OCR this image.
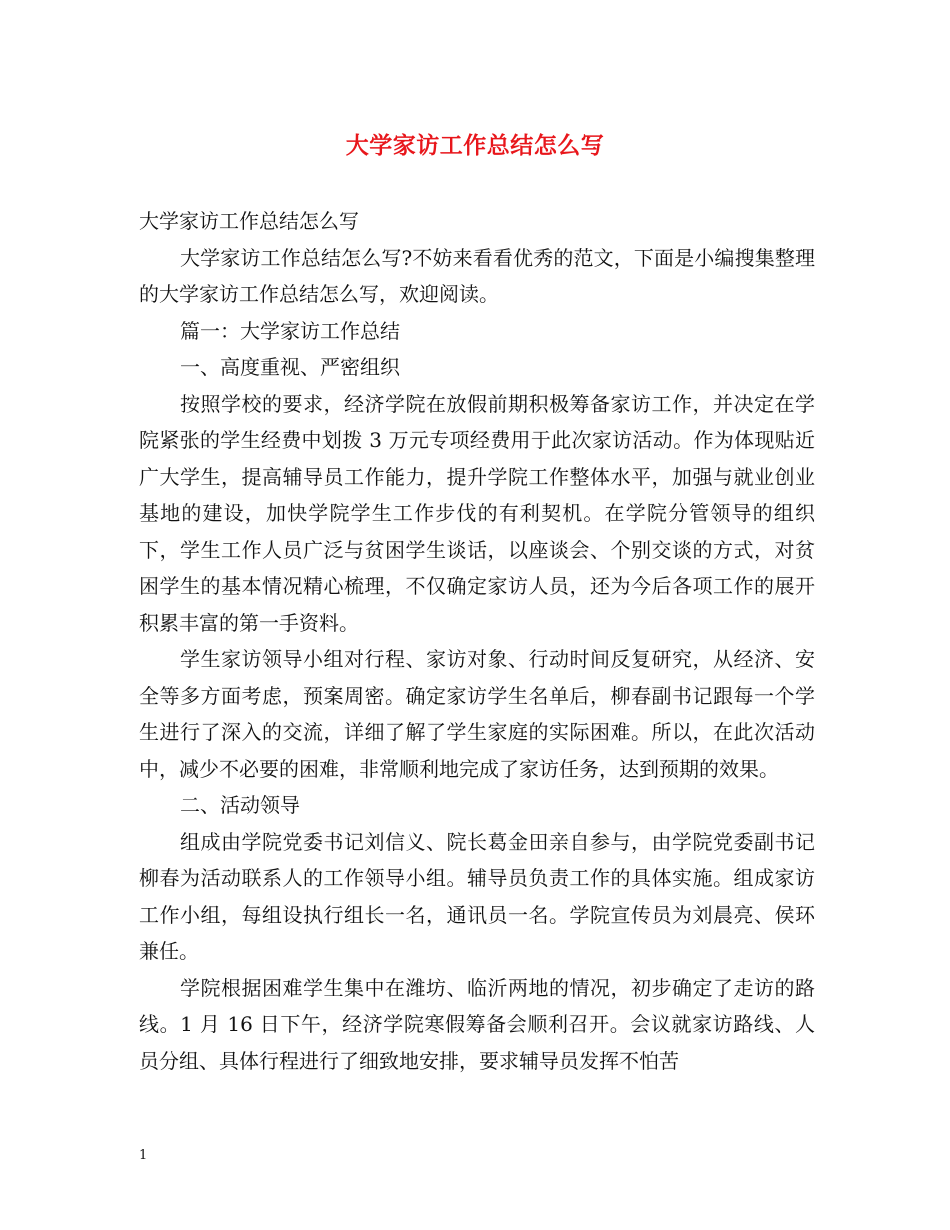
大学家访工作总结怎么写

大学家访工作总结怎么写

大学家访工作总结怎么写?不妨来看看优秀的范文，下面是小编搜集整理的大学家访工作总结怎么写，欢迎阅读。

篇一：大学家访工作总结

一、高度重视、严密组织

按照学校的要求，经济学院在放假前期积极筹备家访工作，并决定在学院紧张的学生经费中划拨 3 万元专项经费用于此次家访活动。作为体现贴近广大学生，提高辅导员工作能力，提升学院工作整体水平，加强与就业创业基地的建设，加快学院学生工作步伐的有利契机。在学院分管领导的组织下，学生工作人员广泛与贫困学生谈话，以座谈会、个别交谈的方式，对贫困学生的基本情况精心梳理，不仅确定家访人员，还为今后各项工作的展开积累丰富的第一手资料。

学生家访领导小组对行程、家访对象、行动时间反复研究，从经济、安全等多方面考虑，预案周密。确定家访学生名单后，柳春副书记跟每一个学生进行了深入的交流，详细了解了学生家庭的实际困难。所以，在此次活动中，减少不必要的困难，非常顺利地完成了家访任务，达到预期的效果。

二、活动领导

组成由学院党委书记刘信义、院长葛金田亲自参与，由学院党委副书记柳春为活动联系人的工作领导小组。辅导员负责工作的具体实施。组成家访工作小组，每组设执行组长一名，通讯员一名。学院宣传员为刘晨亮、侯环兼任。

学院根据困难学生集中在潍坊、临沂两地的情况，初步确定了走访的路线。1 月 16 日下午，经济学院寒假筹备会顺利召开。会议就家访路线、人员分组、具体行程进行了细致地安排，要求辅导员发挥不怕苦

1
